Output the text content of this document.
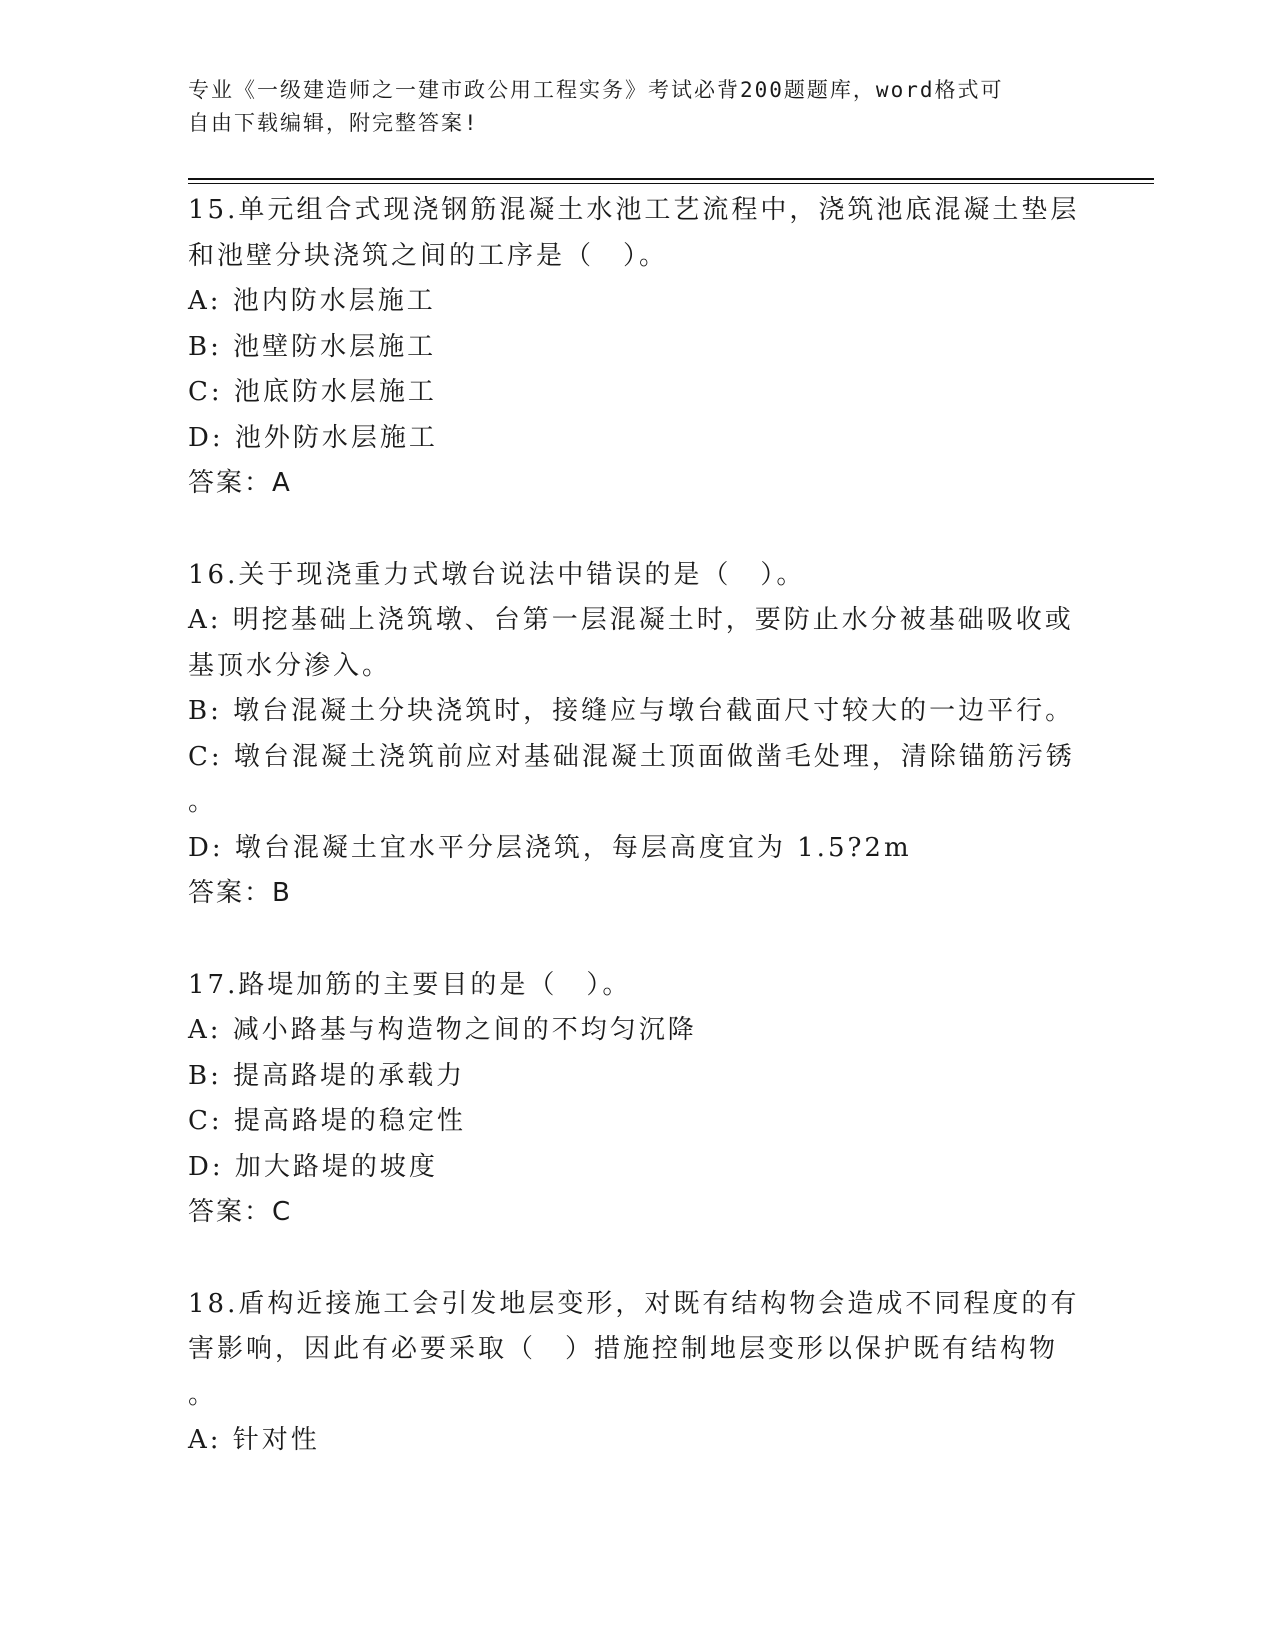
专业《一级建造师之一建市政公用工程实务》考试必背200题题库，word格式可
自由下载编辑，附完整答案!
15.单元组合式现浇钢筋混凝土水池工艺流程中，浇筑池底混凝土垫层
和池壁分块浇筑之间的工序是（　）。
A: 池内防水层施工
B: 池壁防水层施工
C: 池底防水层施工
D: 池外防水层施工
答案：A
16.关于现浇重力式墩台说法中错误的是（　）。
A: 明挖基础上浇筑墩、台第一层混凝土时，要防止水分被基础吸收或
基顶水分渗入。
B: 墩台混凝土分块浇筑时，接缝应与墩台截面尺寸较大的一边平行。
C: 墩台混凝土浇筑前应对基础混凝土顶面做凿毛处理，清除锚筋污锈
。
D: 墩台混凝土宜水平分层浇筑，每层高度宜为 1.5?2m
答案：B
17.路堤加筋的主要目的是（　）。
A: 减小路基与构造物之间的不均匀沉降
B: 提高路堤的承载力
C: 提高路堤的稳定性
D: 加大路堤的坡度
答案：C
18.盾构近接施工会引发地层变形，对既有结构物会造成不同程度的有
害影响，因此有必要采取（　）措施控制地层变形以保护既有结构物
。
A: 针对性
